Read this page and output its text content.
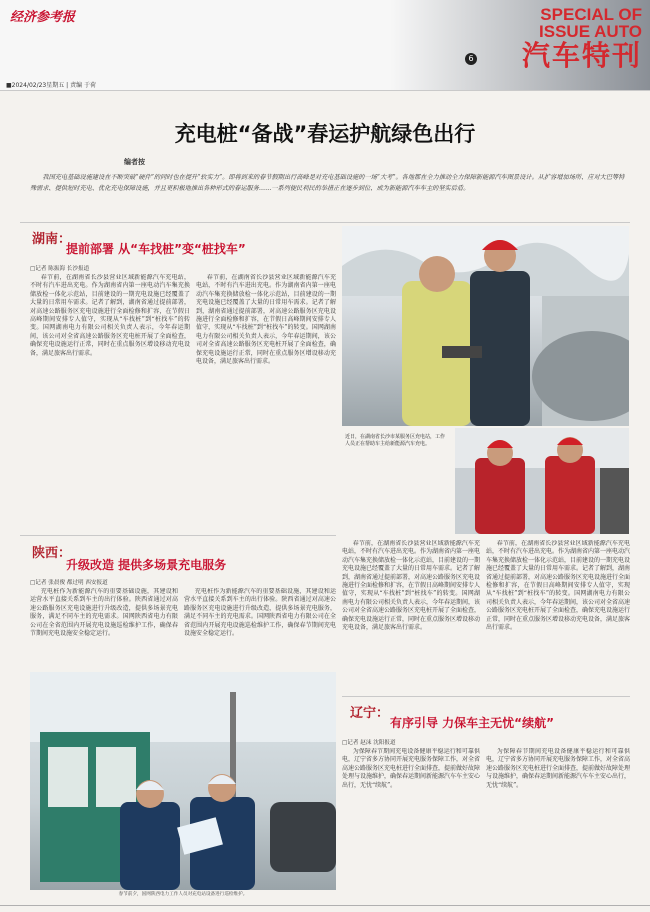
经济参考报
6
SPECIAL OF
ISSUE AUTO
汽车特刊
■2024/02/23星期五 | 责编 于荷
充电桩“备战”春运护航绿色出行
编者按
我国充电基础设施建设在不断突破“硬件”的同时也在提升“软实力”。即将到来的春节假期出行高峰是对充电基础设施的一场“大考”。各地都在全力推动全力保障新能源汽车图景设计。从扩容增加场所、应对大巴等特殊需求、提供短时充电、优化充电保障设施，并且更积极地推出各种形式的春运服务……一系列便民利民的举措正在逐步到位、成为新能源汽车车主的坚实后盾。
湖南：
提前部署 从“车找桩”变“桩找车”
□记者 陈振海 长沙报道

春节前，在湖南省长沙县营业区域新能源汽车充电站，不时有汽车进出充电。作为湖南省内第一座电动汽车集充换储放检一体化示范站，目前建设的一期充电设施已经覆盖了大量的日常用车需求。记者了解到，湖南省通过提前部署，对高速公路服务区充电设施进行全面检修和扩容，在节假日高峰期间安排专人值守，实现从“车找桩”到“桩找车”的转变。国网湖南电力有限公司相关负责人表示，今年春运期间，该公司对全省高速公路服务区充电桩开展了全面检查，确保充电设施运行正常，同时在重点服务区增设移动充电设备，满足旅客出行需求。

春节前，在湖南省长沙县营业区域新能源汽车充电站，不时有汽车进出充电。作为湖南省内第一座电动汽车集充换储放检一体化示范站，目前建设的一期充电设施已经覆盖了大量的日常用车需求。记者了解到，湖南省通过提前部署，对高速公路服务区充电设施进行全面检修和扩容，在节假日高峰期间安排专人值守，实现从“车找桩”到“桩找车”的转变。国网湖南电力有限公司相关负责人表示，今年春运期间，该公司对全省高速公路服务区充电桩开展了全面检查，确保充电设施运行正常，同时在重点服务区增设移动充电设备，满足旅客出行需求。

近日，在湖南省长沙市某服务区充电站，工作人员正在帮助车主给新能源汽车充电。
陕西：
升级改造 提供多场景充电服务
□记者 张晨俊 都过明 西安报道

充电桩作为新能源汽车的重要基础设施，其建设和运营水平直接关系到车主的出行体验。陕西省通过对高速公路服务区充电设施进行升级改造，提供多场景充电服务，满足不同车主的充电需求。国网陕西省电力有限公司在全省范围内开展充电设施巡检维护工作，确保春节期间充电设施安全稳定运行。

充电桩作为新能源汽车的重要基础设施，其建设和运营水平直接关系到车主的出行体验。陕西省通过对高速公路服务区充电设施进行升级改造，提供多场景充电服务，满足不同车主的充电需求。国网陕西省电力有限公司在全省范围内开展充电设施巡检维护工作，确保春节期间充电设施安全稳定运行。

春节前夕，国网陕西电力工作人员对充电站设备进行巡检维护。

春节前，在湖南省长沙县营业区域新能源汽车充电站，不时有汽车进出充电。作为湖南省内第一座电动汽车集充换储放检一体化示范站，目前建设的一期充电设施已经覆盖了大量的日常用车需求。记者了解到，湖南省通过提前部署，对高速公路服务区充电设施进行全面检修和扩容，在节假日高峰期间安排专人值守，实现从“车找桩”到“桩找车”的转变。国网湖南电力有限公司相关负责人表示，今年春运期间，该公司对全省高速公路服务区充电桩开展了全面检查，确保充电设施运行正常，同时在重点服务区增设移动充电设备，满足旅客出行需求。

春节前，在湖南省长沙县营业区域新能源汽车充电站，不时有汽车进出充电。作为湖南省内第一座电动汽车集充换储放检一体化示范站，目前建设的一期充电设施已经覆盖了大量的日常用车需求。记者了解到，湖南省通过提前部署，对高速公路服务区充电设施进行全面检修和扩容，在节假日高峰期间安排专人值守，实现从“车找桩”到“桩找车”的转变。国网湖南电力有限公司相关负责人表示，今年春运期间，该公司对全省高速公路服务区充电桩开展了全面检查，确保充电设施运行正常，同时在重点服务区增设移动充电设备，满足旅客出行需求。

辽宁：
有序引导 力保车主无忧“续航”
□记者 赵沫 沈阳报道

为保障春节期间充电设备健康平稳运行和可靠供电，辽宁省多方协同开展充电服务保障工作，对全省高速公路服务区充电桩进行全面排查，提前做好故障处理与设施维护，确保春运期间新能源汽车车主安心出行，无忧“续航”。

为保障春节期间充电设备健康平稳运行和可靠供电，辽宁省多方协同开展充电服务保障工作，对全省高速公路服务区充电桩进行全面排查，提前做好故障处理与设施维护，确保春运期间新能源汽车车主安心出行，无忧“续航”。
